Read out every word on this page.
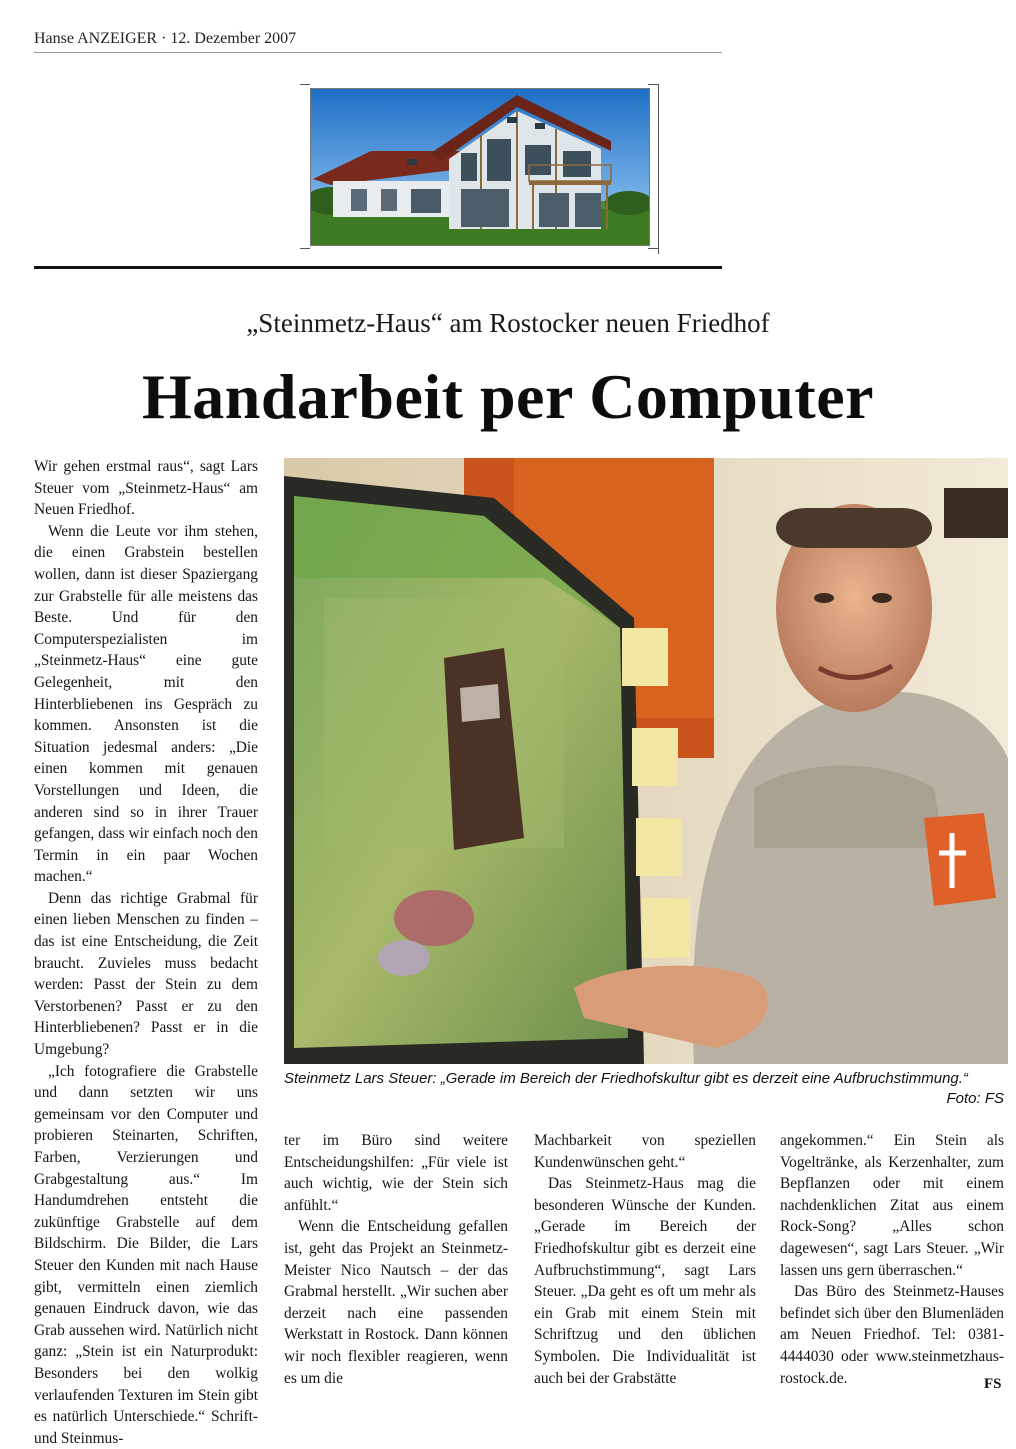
Hanse ANZEIGER · 12. Dezember 2007
„Steinmetz-Haus“ am Rostocker neuen Friedhof
Handarbeit per Computer

Wir gehen erstmal raus“, sagt Lars Steuer vom „Steinmetz-Haus“ am Neuen Friedhof.

Wenn die Leute vor ihm stehen, die einen Grabstein bestellen wollen, dann ist dieser Spaziergang zur Grabstelle für alle meistens das Beste. Und für den Computerspezialisten im „Steinmetz-Haus“ eine gute Gelegenheit, mit den Hinterbliebenen ins Gespräch zu kommen. Ansonsten ist die Situation jedesmal anders: „Die einen kommen mit genauen Vorstellungen und Ideen, die anderen sind so in ihrer Trauer gefangen, dass wir einfach noch den Termin in ein paar Wochen machen.“

Denn das richtige Grabmal für einen lieben Menschen zu finden – das ist eine Entscheidung, die Zeit braucht. Zuvieles muss bedacht werden: Passt der Stein zu dem Verstorbenen? Passt er zu den Hinterbliebenen? Passt er in die Umgebung?

„Ich fotografiere die Grabstelle und dann setzten wir uns gemeinsam vor den Computer und probieren Steinarten, Schriften, Farben, Verzierungen und Grabgestaltung aus.“ Im Handumdrehen entsteht die zukünftige Grabstelle auf dem Bildschirm. Die Bilder, die Lars Steuer den Kunden mit nach Hause gibt, vermitteln einen ziemlich genauen Eindruck davon, wie das Grab aussehen wird. Natürlich nicht ganz: „Stein ist ein Naturprodukt: Besonders bei den wolkig verlaufenden Texturen im Stein gibt es natürlich Unterschiede.“ Schrift- und Steinmus-

Steinmetz Lars Steuer: „Gerade im Bereich der Friedhofskultur gibt es derzeit eine Aufbruchstimmung.“
Foto: FS

ter im Büro sind weitere Entscheidungshilfen: „Für viele ist auch wichtig, wie der Stein sich anfühlt.“

Wenn die Entscheidung gefallen ist, geht das Projekt an Steinmetz-Meister Nico Nautsch – der das Grabmal herstellt. „Wir suchen aber derzeit nach eine passenden Werkstatt in Rostock. Dann können wir noch flexibler reagieren, wenn es um die

Machbarkeit von speziellen Kundenwünschen geht.“

Das Steinmetz-Haus mag die besonderen Wünsche der Kunden. „Gerade im Bereich der Friedhofskultur gibt es derzeit eine Aufbruchstimmung“, sagt Lars Steuer. „Da geht es oft um mehr als ein Grab mit einem Stein mit Schriftzug und den üblichen Symbolen. Die Individualität ist auch bei der Grabstätte

angekommen.“ Ein Stein als Vogeltränke, als Kerzenhalter, zum Bepflanzen oder mit einem nachdenklichen Zitat aus einem Rock-Song? „Alles schon dagewesen“, sagt Lars Steuer. „Wir lassen uns gern überraschen.“

Das Büro des Steinmetz-Hauses befindet sich über den Blumenläden am Neuen Friedhof. Tel: 0381-4444030 oder www.steinmetzhaus-rostock.de.	FS
